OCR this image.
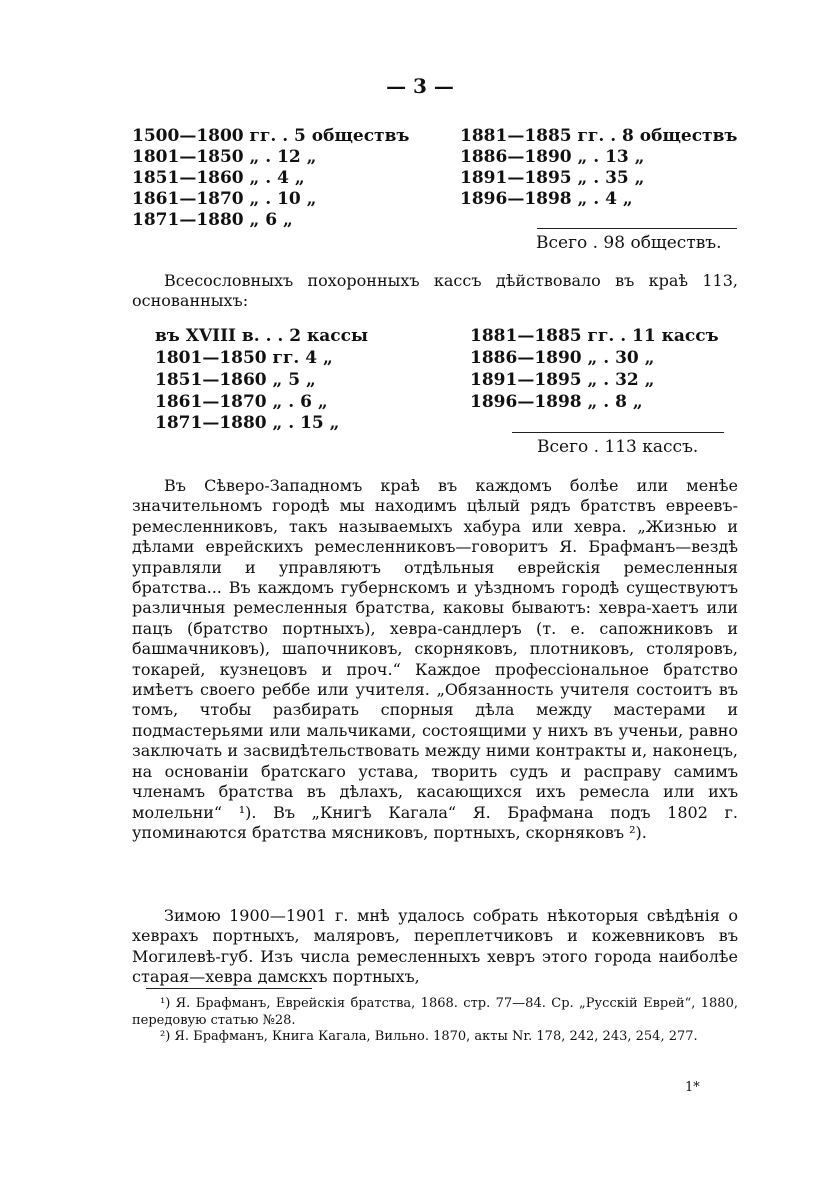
— 3 —
1500—1800 гг. . 5 обществъ
1801—1850 „ . 12 „
1851—1860 „ . 4 „
1861—1870 „ . 10 „
1871—1880 „ 6 „
1881—1885 гг. . 8 обществъ
1886—1890 „ . 13 „
1891—1895 „ . 35 „
1896—1898 „ . 4 „
Всего . 98 обществъ.

Всесословныхъ похоронныхъ кассъ дѣйствовало въ краѣ 113, основанныхъ:

въ XVIII в. . . 2 кассы
1801—1850 гг. 4 „
1851—1860 „ 5 „
1861—1870 „ . 6 „
1871—1880 „ . 15 „
1881—1885 гг. . 11 кассъ
1886—1890 „ . 30 „
1891—1895 „ . 32 „
1896—1898 „ . 8 „
Всего . 113 кассъ.

Въ Сѣверо-Западномъ краѣ въ каждомъ болѣе или менѣе значительномъ городѣ мы находимъ цѣлый рядъ братствъ евреевъ-ремесленниковъ, такъ называемыхъ хабура или хевра. „Жизнью и дѣлами еврейскихъ ремесленниковъ—говоритъ Я. Брафманъ—вездѣ управляли и управляютъ отдѣльныя еврейскія ремесленныя братства... Въ каждомъ губернскомъ и уѣздномъ городѣ существуютъ различныя ремесленныя братства, каковы бываютъ: хевра-хаетъ или пацъ (братство портныхъ), хевра-сандлеръ (т. е. сапожниковъ и башмачниковъ), шапочниковъ, скорняковъ, плотниковъ, столяровъ, токарей, кузнецовъ и проч.“ Каждое профессіональное братство имѣетъ своего реббе или учителя. „Обязанность учителя состоитъ въ томъ, чтобы разбирать спорныя дѣла между мастерами и подмастерьями или мальчиками, состоящими у нихъ въ ученьи, равно заключать и засвидѣтельствовать между ними контракты и, наконецъ, на основаніи братскаго устава, творить судъ и расправу самимъ членамъ братства въ дѣлахъ, касающихся ихъ ремесла или ихъ молельни“ ¹). Въ „Книгѣ Кагала“ Я. Брафмана подъ 1802 г. упоминаются братства мясниковъ, портныхъ, скорняковъ ²).

Зимою 1900—1901 г. мнѣ удалось собрать нѣкоторыя свѣдѣнія о хеврахъ портныхъ, маляровъ, переплетчиковъ и кожевниковъ въ Могилевѣ-губ. Изъ числа ремесленныхъ хевръ этого города наиболѣе старая—хевра дамскхъ портныхъ,

¹) Я. Брафманъ, Еврейскія братства, 1868. стр. 77—84. Ср. „Русскій Еврей“, 1880, передовую статью №28.

²) Я. Брафманъ, Книга Кагала, Вильно. 1870, акты Nr. 178, 242, 243, 254, 277.

1*
